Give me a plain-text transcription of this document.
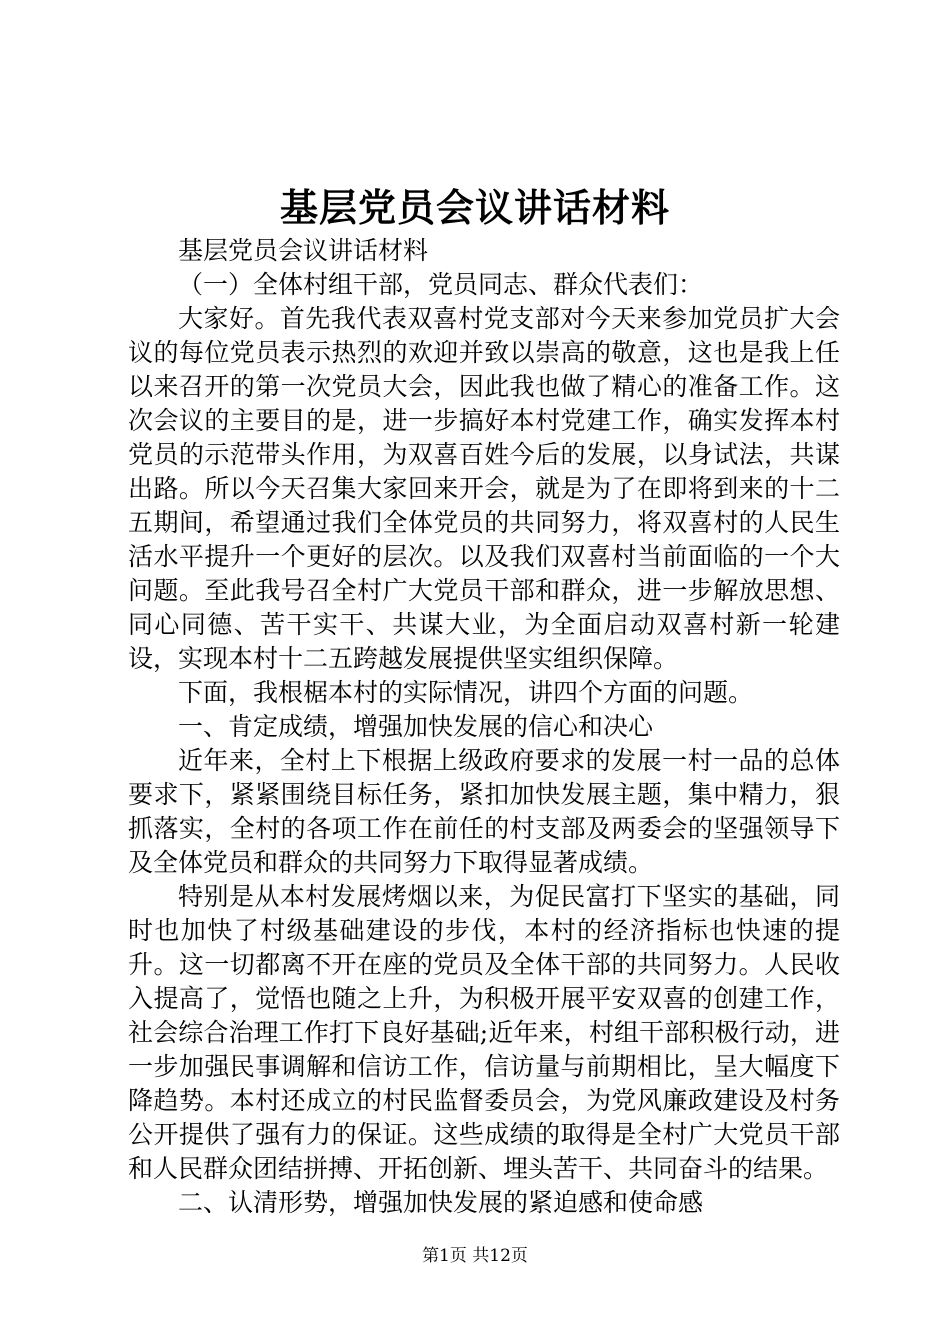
基层党员会议讲话材料

基层党员会议讲话材料

（一）全体村组干部，党员同志、群众代表们：

大家好。首先我代表双喜村党支部对今天来参加党员扩大会议的每位党员表示热烈的欢迎并致以崇高的敬意，这也是我上任以来召开的第一次党员大会，因此我也做了精心的准备工作。这次会议的主要目的是，进一步搞好本村党建工作，确实发挥本村党员的示范带头作用，为双喜百姓今后的发展，以身试法，共谋出路。所以今天召集大家回来开会，就是为了在即将到来的十二五期间，希望通过我们全体党员的共同努力，将双喜村的人民生活水平提升一个更好的层次。以及我们双喜村当前面临的一个大问题。至此我号召全村广大党员干部和群众，进一步解放思想、同心同德、苦干实干、共谋大业，为全面启动双喜村新一轮建设，实现本村十二五跨越发展提供坚实组织保障。

下面，我根椐本村的实际情况，讲四个方面的问题。

一、肯定成绩，增强加快发展的信心和决心

近年来，全村上下根据上级政府要求的发展一村一品的总体要求下，紧紧围绕目标任务，紧扣加快发展主题，集中精力，狠抓落实，全村的各项工作在前任的村支部及两委会的坚强领导下及全体党员和群众的共同努力下取得显著成绩。

特别是从本村发展烤烟以来，为促民富打下坚实的基础，同时也加快了村级基础建设的步伐，本村的经济指标也快速的提升。这一切都离不开在座的党员及全体干部的共同努力。人民收入提高了，觉悟也随之上升，为积极开展平安双喜的创建工作，社会综合治理工作打下良好基础;近年来，村组干部积极行动，进一步加强民事调解和信访工作，信访量与前期相比，呈大幅度下降趋势。本村还成立的村民监督委员会，为党风廉政建设及村务公开提供了强有力的保证。这些成绩的取得是全村广大党员干部和人民群众团结拼搏、开拓创新、埋头苦干、共同奋斗的结果。

二、认清形势，增强加快发展的紧迫感和使命感

第1页 共12页
